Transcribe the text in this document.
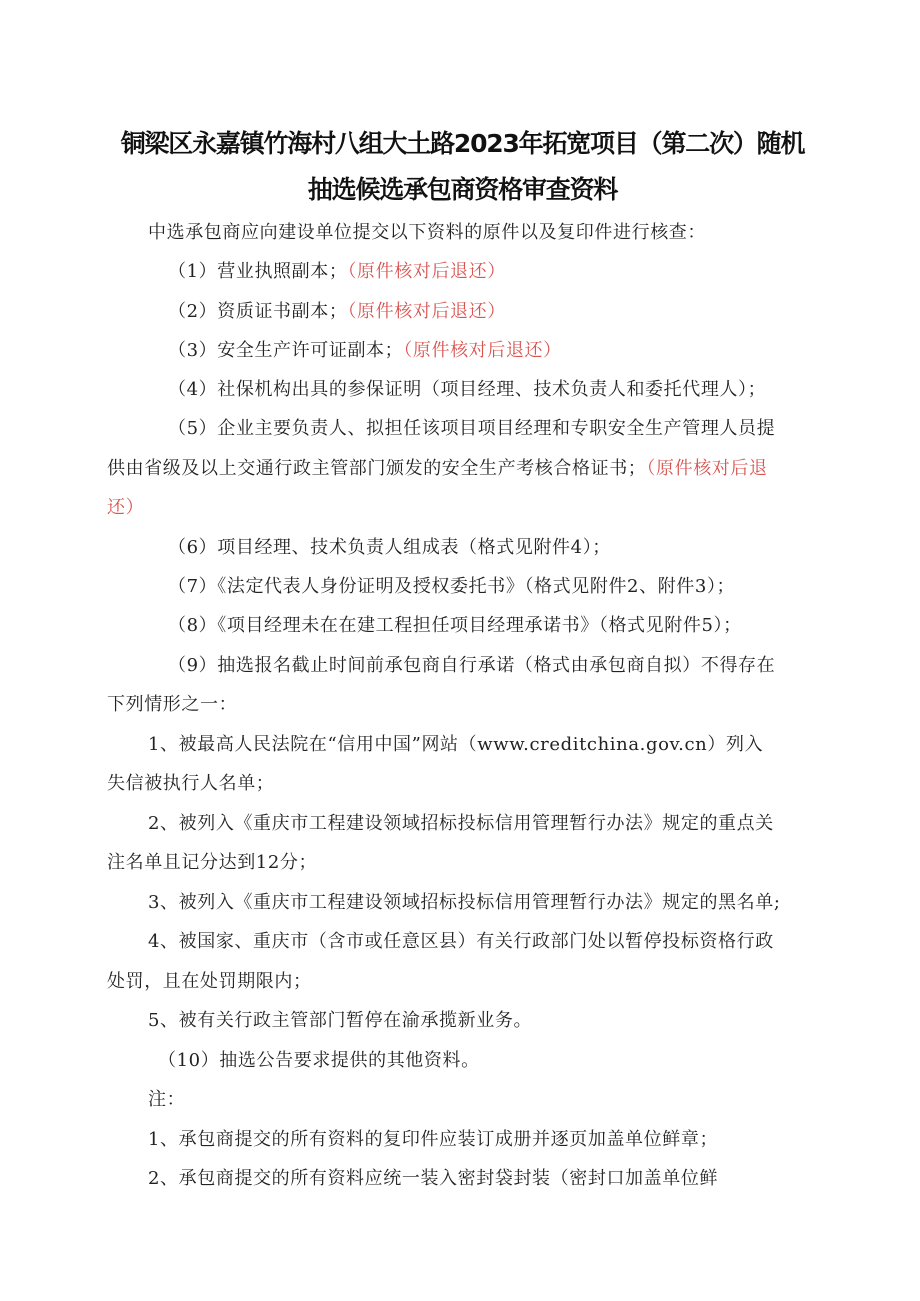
铜梁区永嘉镇竹海村八组大土路2023年拓宽项目（第二次）随机
抽选候选承包商资格审查资料
中选承包商应向建设单位提交以下资料的原件以及复印件进行核查：
（1）营业执照副本；（原件核对后退还）
（2）资质证书副本；（原件核对后退还）
（3）安全生产许可证副本；（原件核对后退还）
（4）社保机构出具的参保证明（项目经理、技术负责人和委托代理人）；
（5）企业主要负责人、拟担任该项目项目经理和专职安全生产管理人员提
供由省级及以上交通行政主管部门颁发的安全生产考核合格证书；（原件核对后退
还）
（6）项目经理、技术负责人组成表（格式见附件4）；
（7）《法定代表人身份证明及授权委托书》（格式见附件2、附件3）；
（8）《项目经理未在在建工程担任项目经理承诺书》（格式见附件5）；
（9）抽选报名截止时间前承包商自行承诺（格式由承包商自拟）不得存在
下列情形之一：
1、被最高人民法院在“信用中国”网站（www.creditchina.gov.cn）列入
失信被执行人名单；
2、被列入《重庆市工程建设领域招标投标信用管理暂行办法》规定的重点关
注名单且记分达到12分；
3、被列入《重庆市工程建设领域招标投标信用管理暂行办法》规定的黑名单;
4、被国家、重庆市（含市或任意区县）有关行政部门处以暂停投标资格行政
处罚，且在处罚期限内；
5、被有关行政主管部门暂停在渝承揽新业务。
（10）抽选公告要求提供的其他资料。
注：
1、承包商提交的所有资料的复印件应装订成册并逐页加盖单位鲜章；
2、承包商提交的所有资料应统一装入密封袋封装（密封口加盖单位鲜
